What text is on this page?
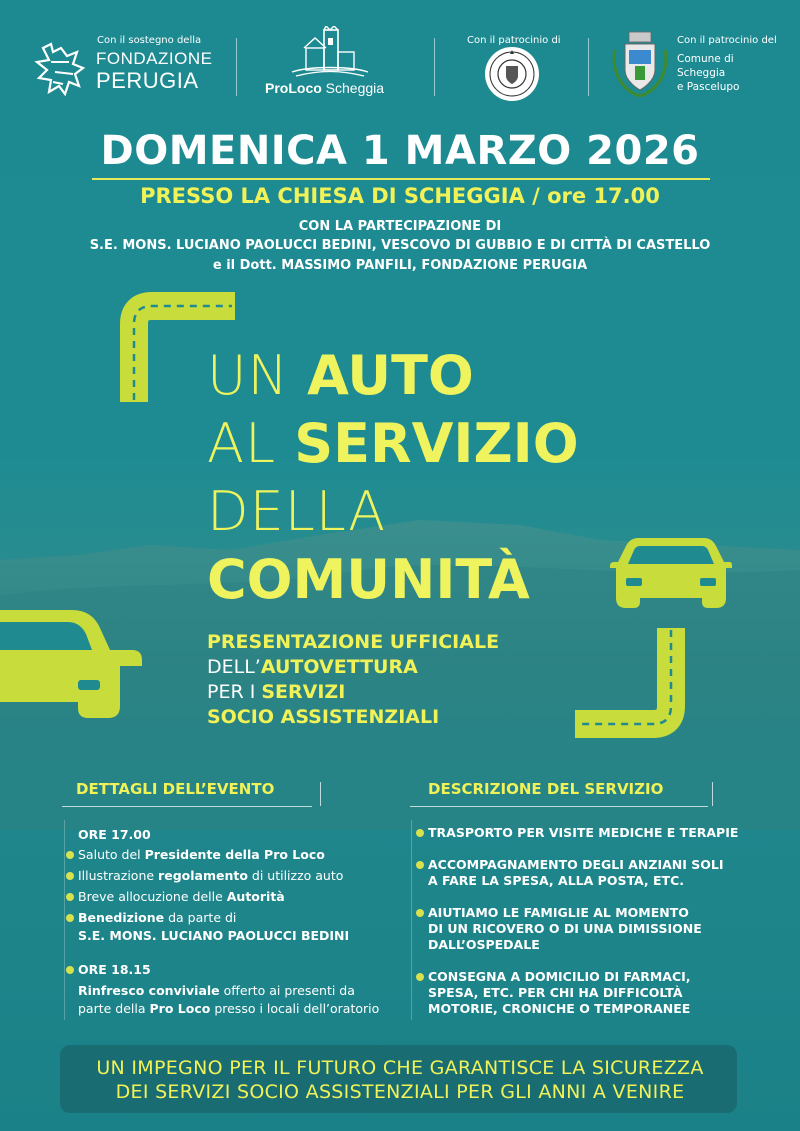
Con il sostegno della
FONDAZIONE
PERUGIA	ProLoco Scheggia
Con il patrocinio di	Con il patrocinio del
Comune di
Scheggia
e Pascelupo
DOMENICA 1 MARZO 2026
PRESSO LA CHIESA DI SCHEGGIA / ore 17.00
CON LA PARTECIPAZIONE DI
S.E. MONS. LUCIANO PAOLUCCI BEDINI, VESCOVO DI GUBBIO E DI CITTÀ DI CASTELLO
e il Dott. MASSIMO PANFILI, FONDAZIONE PERUGIA
UN AUTO
AL SERVIZIO
DELLA
COMUNITÀ
PRESENTAZIONE UFFICIALE
DELL’AUTOVETTURA
PER I SERVIZI
SOCIO ASSISTENZIALI
DETTAGLI DELL’EVENTO
ORE 17.00
Saluto del Presidente della Pro Loco
Illustrazione regolamento di utilizzo auto
Breve allocuzione delle Autorità
Benedizione da parte di
S.E. MONS. LUCIANO PAOLUCCI BEDINI
ORE 18.15
Rinfresco conviviale offerto ai presenti da
parte della Pro Loco presso i locali dell’oratorio
DESCRIZIONE DEL SERVIZIO
TRASPORTO PER VISITE MEDICHE E TERAPIE
ACCOMPAGNAMENTO DEGLI ANZIANI SOLI
A FARE LA SPESA, ALLA POSTA, ETC.
AIUTIAMO LE FAMIGLIE AL MOMENTO
DI UN RICOVERO O DI UNA DIMISSIONE
DALL’OSPEDALE
CONSEGNA A DOMICILIO DI FARMACI,
SPESA, ETC. PER CHI HA DIFFICOLTÀ
MOTORIE, CRONICHE O TEMPORANEE
UN IMPEGNO PER IL FUTURO CHE GARANTISCE LA SICUREZZA
DEI SERVIZI SOCIO ASSISTENZIALI PER GLI ANNI A VENIRE
